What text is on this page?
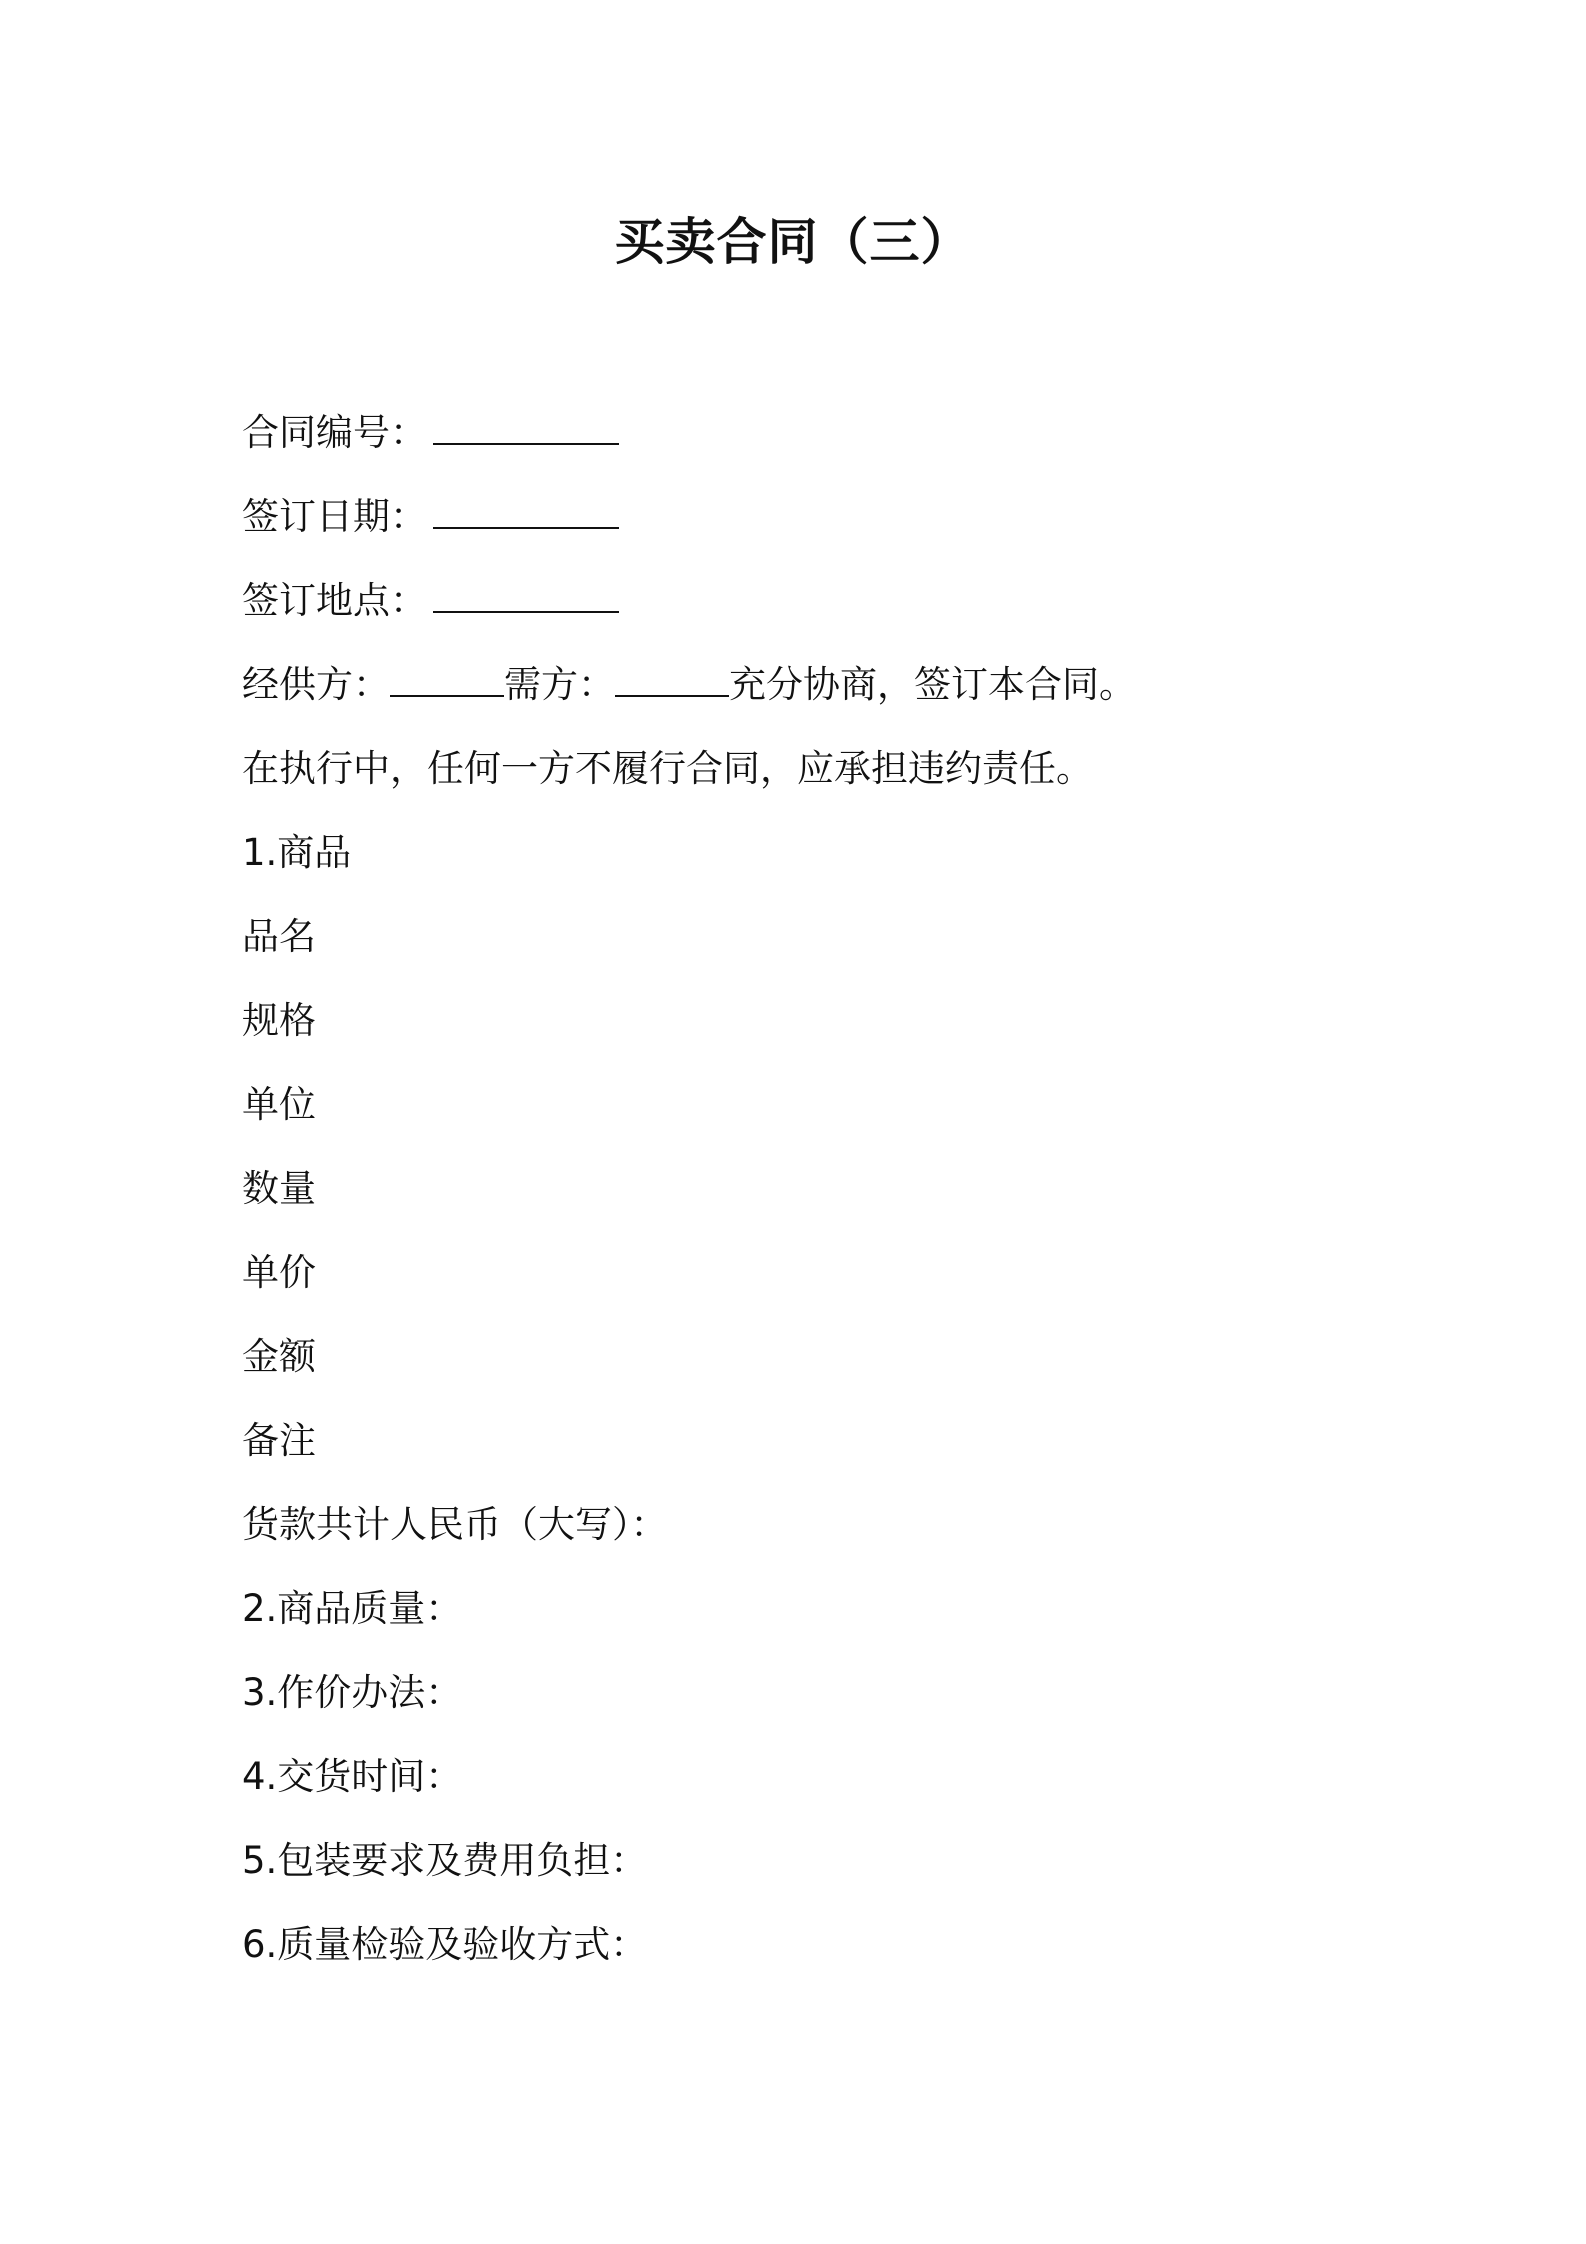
买卖合同（三）
合同编号：
签订日期：
签订地点：
经供方：	需方：	充分协商，签订本合同。
在执行中，任何一方不履行合同，应承担违约责任。
1.商品
品名
规格
单位
数量
单价
金额
备注
货款共计人民币（大写）：
2.商品质量：
3.作价办法：
4.交货时间：
5.包装要求及费用负担：
6.质量检验及验收方式：
